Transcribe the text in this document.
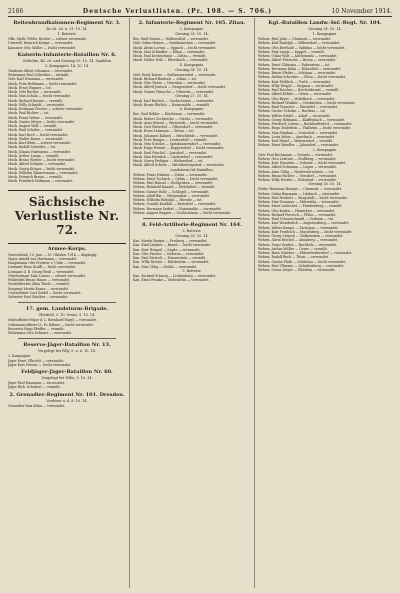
2186	Deutsche Verlustlisten. (Pr. 198. — S. 706.)	10 November 1914.
Reitenbrandkalonnen-Regiment Nr. 3.
Bo 28. 26. u. 31. 10. 14.
1. Batterie.
Offz. Stellv. Feldw. Richter — schwer verwundet.
Unteroff. Heinrich Kempe — verwundet.
Kanonier Otto Müller — leicht verwundet.
Kaiserin-Infanterie-Bataillon Nr. 6.
Gefechte, Kö. 28. und Gerning 29. 10. 14. Saufuhra
3. Kompagnie. 14. 10. 14.
Tambour Albert Lehmann — verwundet.
Wehrmann Paul Schreiber — vermißt.
Gefr. Karl Neumann — verwundet.
Musk. Fritz Hoffmann — leicht verwundet.
Musk. Ernst Wagner — tot.
Musk. Otto Becker — verwundet.
Musk. Max Schulz — leicht verwundet.
Musk. Richard Krause — vermißt.
Musk. Willy Schmidt — verwundet.
Musk. Hermann Fischer — schwer verwundet.
Musk. Paul Richter — tot.
Musk. Franz Weber — verwundet.
Musk. Gustav Meyer — leicht verwundet.
Musk. August Wolf — vermißt.
Musk. Emil Schäfer — verwundet.
Musk. Karl Koch — leicht verwundet.
Musk. Walter Bauer — verwundet.
Musk. Kurt Klein — schwer verwundet.
Musk. Rudolf Schröder — tot.
Musk. Johann Hartmann — verwundet.
Musk. Arthur Lange — vermißt.
Musk. Bruno Werner — leicht verwundet.
Musk. Alfred Schmitz — verwundet.
Musk. Georg Krüger — leicht verwundet.
Musk. Wilhelm Zimmermann — verwundet.
Musk. Heinrich Braun — vermißt.
Musk. Friedrich Hofmann — verwundet.
Sächsische Verlustliste Nr. 72.
Armee-Korps.
Generalstab, 10. Juni — 30. Oktober 1914 — Abgängig.
Major Arnold von Hartmann — verwundet.
Hauptmann Otto Freiherr v. Uslar — verwundet.
Leutnant Hans Krafft — leicht verwundet.
Leutnant d. R. Georg Weiß — verwundet.
Oberleutnant Max Lorenz — schwer verwundet.
Feldwebel Bruno Haase — verwundet.
Vizefeldwebel Albin Thiele — vermißt.
Sergeant Moritz Kunze — verwundet.
Unteroffizier Curt Seidel — leicht verwundet.
Gefreiter Paul Günther — verwundet.
17. gem. Landsturm-Brigade.
Oberfeld, 3. 10. Grenz. 5. 10. 14.
Stabsoffizier Major d. L. Bernhard Engel — verwundet.
Ordonnanzoffizier Lt. Fr. Böhme — leicht verwundet.
Reservist Hugo Pfeiffer — vermißt.
Wehrmann Otto Schwarz — verwundet.
Reserve-Jäger-Bataillon Nr. 13.
Vorgelegt bei Pilly, 5. u. 6. 10. 14.
2. Kompagnie.
Jäger Ernst Ulbricht — verwundet.
Jäger Kurt Förster — leicht verwundet.
Feldjäger-Jäger-Bataillon Nr. 60.
Vorgelegt bei Wiltz, 3. 10. 14.
Jäger Paul Naumann — verwundet.
Jäger Rich. Schubert — vermißt.
2. Grenadier-Regiment Nr. 101. Dresden.
Vordürer a. d. 8. 10. 14.
Grenadier Max Kühn — verwundet.
2. Infanterie-Regiment Nr. 105. Zitau.
3. Kompagnie.
Gerning 28. 10. 14.
Res. Emil Martin — Walbrosdorf — verwundet.
Gefr. Oskar Heinze — Grünhainichen — verwundet.
Musk. Alwin Lorenz — Oppach — leicht verwundet.
Musk. Max Schindler — Eibau — verwundet.
Musk. Paul Kretzschmar — Zittau — vermißt.
Musk. Walter Pohl — Ebersbach — verwundet.
4. Kompagnie.
Gerning 24. 10. 14.
Gefr. Ernst Kaiser — Seifhennersdorf — verwundet.
Musk. Richard Hantsch — Löbau — tot.
Musk. Otto Tietze — Herrnhut — verwundet.
Musk. Alfred Jentsch — Neugersdorf — leicht verwundet.
Musk. Gustav Wünsche — Oderwitz — verwundet.
Gerning 27. 10. 14.
Musk. Karl Bartsch — Großschönau — verwundet.
Musk. Bruno Ehrlich — Hainewalde — vermißt.
6. Kompagnie.
Res. Paul Rößler — Reichenau — verwundet.
Musk. Robert Zschiesche — Ostritz — verwundet.
Musk. Arno Hensel — Bernstadt — leicht verwundet.
Musk. Curt Rietschel — Olbersdorf — verwundet.
Musk. Ernst Lehmann — Zittau — tot.
Musk. Johannes Kühnel — Hirschfelde — verwundet.
Musk. Fritz Renger — Leutersdorf — vermißt.
Musk. Otto Scholze — Spitzkunnersdorf — verwundet.
Musk. Hugo Wenzel — Ruppersdorf — leicht verwundet.
Musk. Emil Püschel — Jonsdorf — verwundet.
Musk. Max Heinrich — Lückendorf — verwundet.
Musk. Georg Fiebiger — Waltersdorf — tot.
Musk. Alfred Schöne — Mittelherwigsdorf — verwundet.
Landsturm-Inf.-Bataillon.
Wehrm. Franz Hübner — Zittau — verwundet.
Wehrm. Ernst Tschirch — Oybin — leicht verwundet.
Wehrm. Paul Hänsel — Eichgraben — verwundet.
Wehrm. Reinhold Kunath — Dittelsdorf — vermißt.
Wehrm. Gustav Rolle — Schlegel — verwundet.
Wehrm. Adolf Bär — Wittgendorf — verwundet.
Wehrm. Wilhelm Rudolph — Hörnitz — tot.
Wehrm. Oswald Kaulfuß — Bertsdorf — verwundet.
Wehrm. Hermann Seifert — Hainewalde — verwundet.
Wehrm. August Wagner — Großschönau — leicht verwundet.
8. Feld-Artillerie-Regiment Nr. 164.
3. Batterie.
Gerning 28. 10. 14.
Kan. Martin Berger — Freiberg — verwundet.
Kan. Emil Lindner — Brand — leicht verwundet.
Kan. Kurt Hempel — Sayda — verwundet.
Kan. Otto Fischer — Oederan — verwundet.
Kan. Paul Dietrich — Frauenstein — vermißt.
Kan. Willy Richter — Halsbrücke — verwundet.
Kan. Max Uhlig — Mulda — verwundet.
5. Batterie.
Kan. Richard Schurig — Lichtenberg — verwundet.
Kan. Ernst Franke — Siebenlehn — verwundet.
Kgl.-Bataillon Landw.-Inf.-Regt. Nr. 104.
Gerning 24. 10. 14.
1. Kompagnie.
Wehrm. Paul Jahn — Chemnitz — verwundet.
Wehrm. Karl Rudolph — Hilbersdorf — verwundet.
Wehrm. Otto Berthold — Gablenz — leicht verwundet.
Wehrm. Max Lange — Kappel — vermißt.
Wehrm. Oskar Wolf — Altchemnitz — verwundet.
Wehrm. Albert Fritzsche — Borna — verwundet.
Wehrm. Ernst Uhlmann — Rabenstein — tot.
Wehrm. Hermann Kühn — Röhrsdorf — verwundet.
Wehrm. Bruno Pfeifer — Schönau — verwundet.
Wehrm. Arthur Schreiter — Glösa — leicht verwundet.
Wehrm. Kurt Fröhlich — Furth — verwundet.
Wehrm. Willy Weigel — Siegmar — verwundet.
Wehrm. Paul Roscher — Reichenbrand — vermißt.
Wehrm. Alfred Köhler — Grüna — verwundet.
Wehrm. Otto Beyer — Mittelbach — verwundet.
Wehrm. Richard Winkler — Neukirchen — leicht verwundet.
Wehrm. Emil Tauscher — Einsiedel — verwundet.
Wehrm. Gustav Schulze — Harthau — tot.
Wehrm. Walter Seidel — Adorf — verwundet.
Wehrm. Georg Hofmann — Klaffenbach — verwundet.
Wehrm. Friedrich Lorenz — Burkhardtsdorf — verwundet.
Wehrm. Hugo Enderlein — Thalheim — leicht verwundet.
Wehrm. Max Stephan — Gornsdorf — verwundet.
Wehrm. Louis Meier — Auerbach — verwundet.
Wehrm. Karl Hänel — Meinersdorf — vermißt.
Wehrm. Ernst Wendler — Jahnsdorf — verwundet.
2. Kompagnie.
Gefr. Paul Bochmann — Zwönitz — verwundet.
Wehrm. Otto Leistner — Stollberg — verwundet.
Wehrm. Kurt Haustein — Oelsnitz — leicht verwundet.
Wehrm. Alfred Schramm — Lugau — verwundet.
Wehrm. Arno Uhlig — Niederwürschnitz — tot.
Wehrm. Bruno Richter — Gersdorf — verwundet.
Wehrm. Willy Nestler — Hohndorf — verwundet.
Gerning 28. 10. 14.
Feldw. Hermann Hunger — Chemnitz — verwundet.
Wehrm. Oskar Baumann — Limbach — verwundet.
Wehrm. Paul Neubert — Burgstädt — leicht verwundet.
Wehrm. Max Trommer — Mittweida — verwundet.
Wehrm. Ernst Liebscher — Frankenberg — vermißt.
Wehrm. Otto Kaden — Hainichen — verwundet.
Wehrm. Richard Pietzsch — Flöha — verwundet.
Wehrm. Emil Schaarschmidt — Oederan — tot.
Wehrm. Karl Wunderlich — Augustusburg — verwundet.
Wehrm. Walter Kempe — Zschopau — verwundet.
Wehrm. Kurt Friedrich — Marienberg — leicht verwundet.
Wehrm. Georg Lötzsch — Wolkenstein — verwundet.
Wehrm. Alwin Reichel — Annaberg — verwundet.
Wehrm. Franz Zenker — Buchholz — verwundet.
Wehrm. Arthur Müller — Geyer — vermißt.
Wehrm. Hans Günther — Ehrenfriedersdorf — verwundet.
Wehrm. Rudolf Beck — Thum — verwundet.
Wehrm. Gustav Flath — Schlettau — leicht verwundet.
Wehrm. Paul Ullmann — Scheibenberg — verwundet.
Wehrm. Oswin Meyer — Elterlein — verwundet.
